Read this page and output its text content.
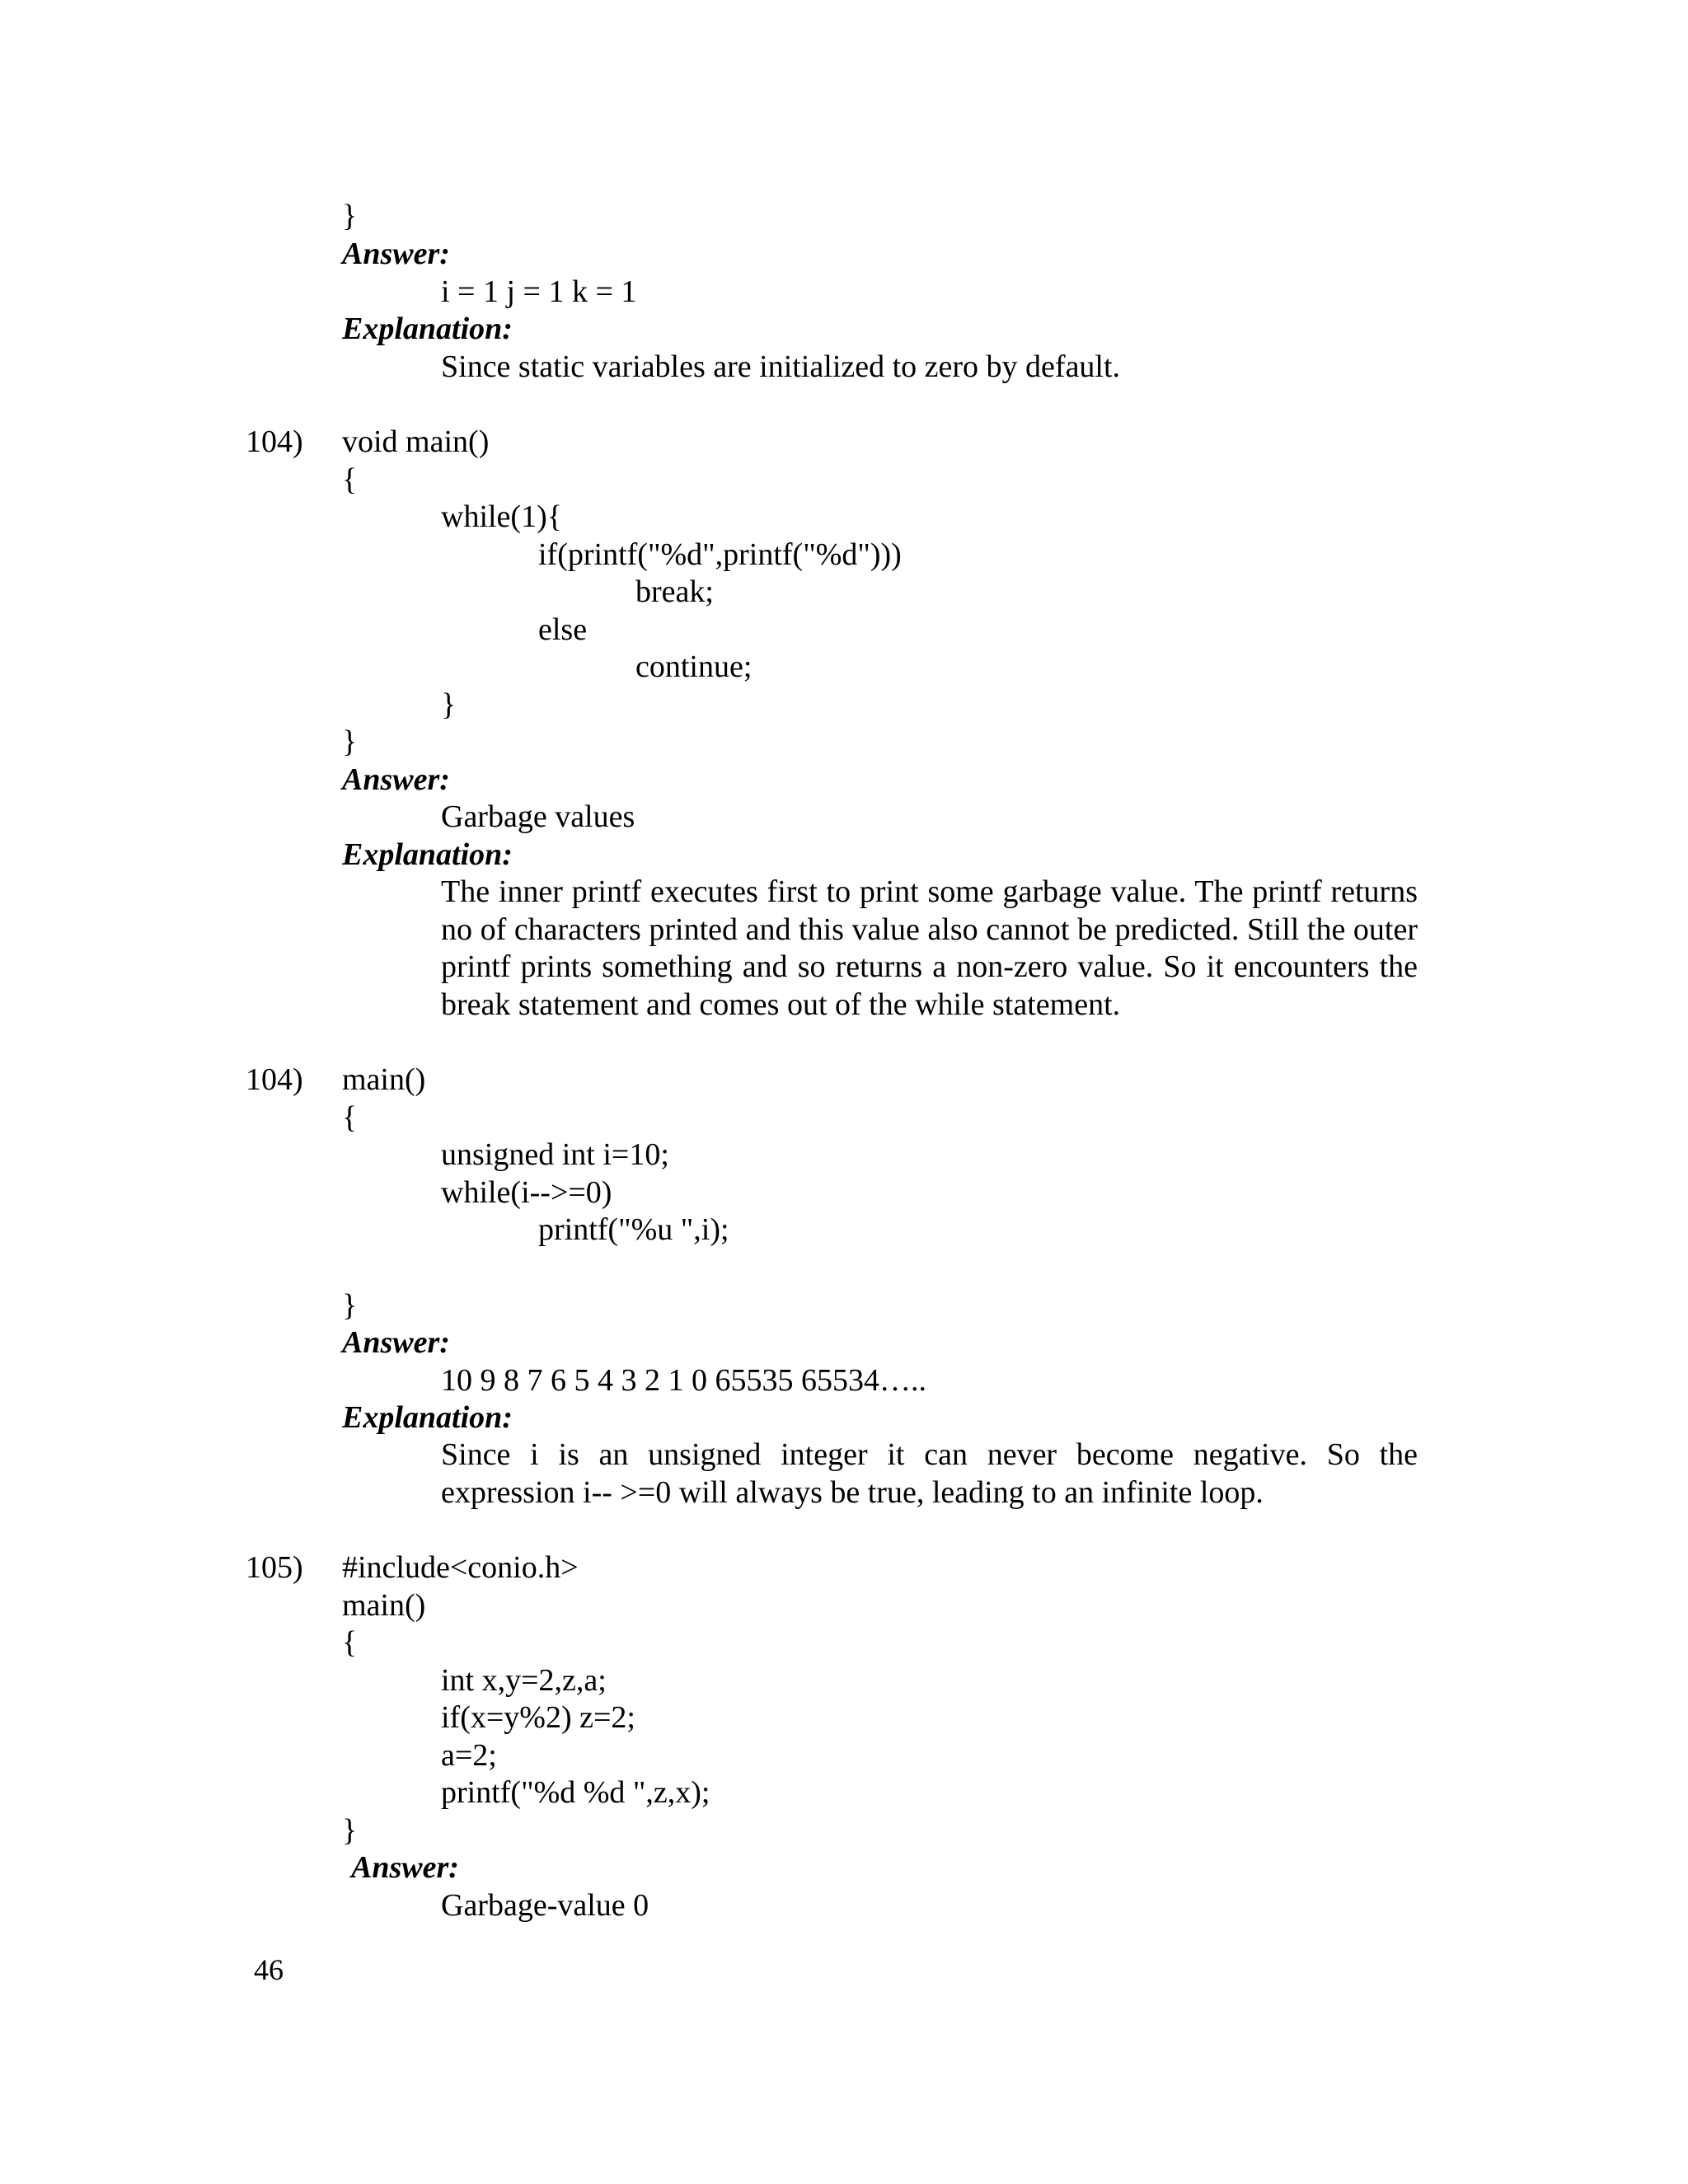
}
Answer:
i = 1 j = 1 k = 1
Explanation:
Since static variables are initialized to zero by default.
104) void main()
{
while(1){
if(printf("%d",printf("%d")))
break;
else
continue;
}
}
Answer:
Garbage values
Explanation:

The inner printf executes first to print some garbage value. The printf returns no of characters printed and this value also cannot be predicted. Still the outer printf prints something and so returns a non-zero value. So it encounters the break statement and comes out of the while statement.

104) main()
{
unsigned int i=10;
while(i-->=0)
printf("%u ",i);
}
Answer:
10 9 8 7 6 5 4 3 2 1 0 65535 65534…..
Explanation:

Since i is an unsigned integer it can never become negative. So the expression i-- >=0 will always be true, leading to an infinite loop.

105) #include<conio.h>
main()
{
int x,y=2,z,a;
if(x=y%2) z=2;
a=2;
printf("%d %d ",z,x);
}
Answer:
Garbage-value 0
46
